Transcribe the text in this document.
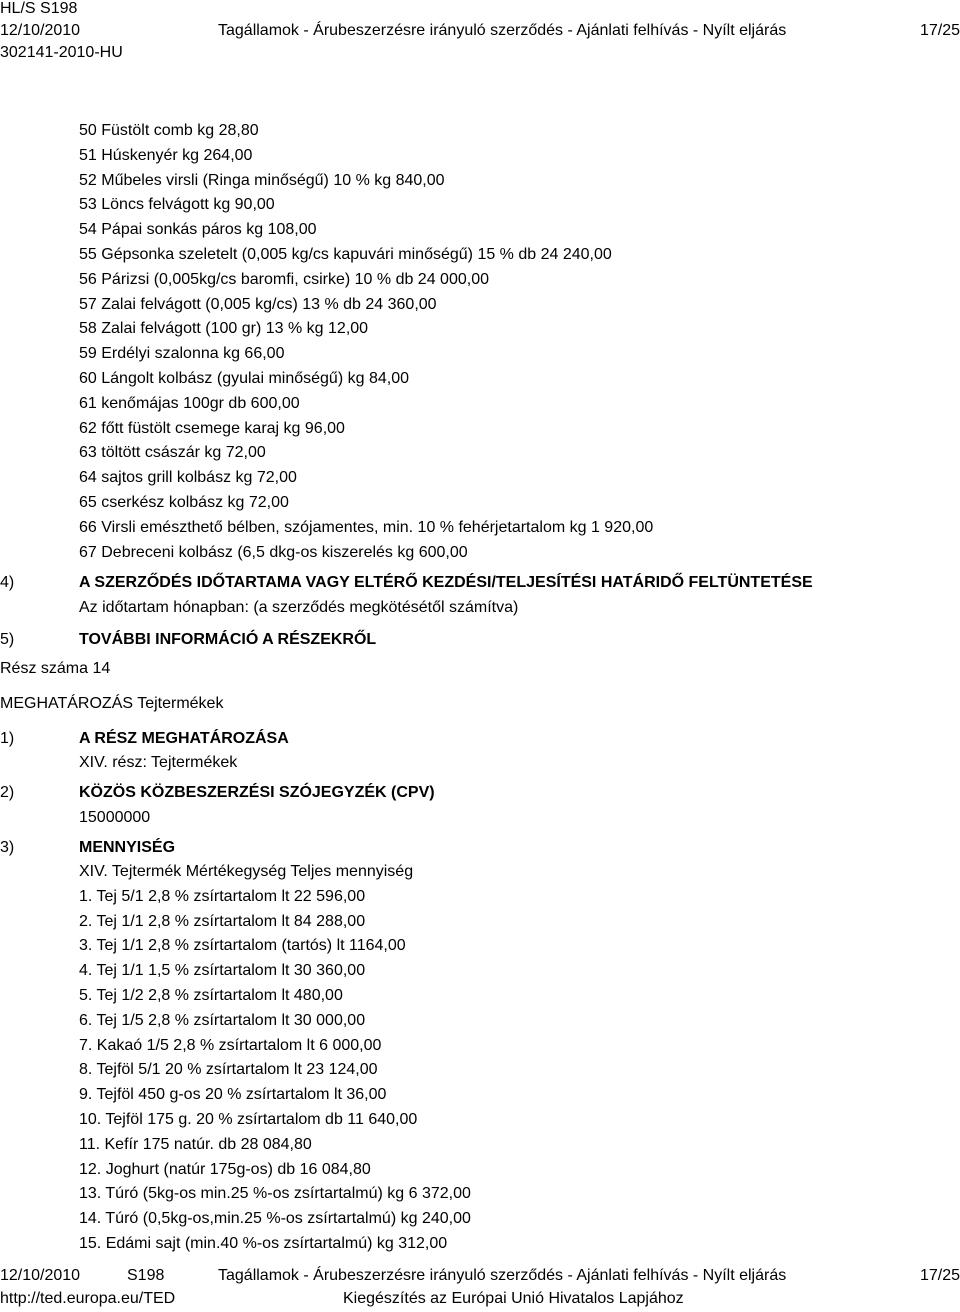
HL/S S198
12/10/2010	Tagállamok - Árubeszerzésre irányuló szerződés - Ajánlati felhívás - Nyílt eljárás	17/25
302141-2010-HU
50 Füstölt comb kg 28,80
51 Húskenyér kg 264,00
52 Műbeles virsli (Ringa minőségű) 10 % kg 840,00
53 Löncs felvágott kg 90,00
54 Pápai sonkás páros kg 108,00
55 Gépsonka szeletelt (0,005 kg/cs kapuvári minőségű) 15 % db 24 240,00
56 Párizsi (0,005kg/cs baromfi, csirke) 10 % db 24 000,00
57 Zalai felvágott (0,005 kg/cs) 13 % db 24 360,00
58 Zalai felvágott (100 gr) 13 % kg 12,00
59 Erdélyi szalonna kg 66,00
60 Lángolt kolbász (gyulai minőségű) kg 84,00
61 kenőmájas 100gr db 600,00
62 főtt füstölt csemege karaj kg 96,00
63 töltött császár kg 72,00
64 sajtos grill kolbász kg 72,00
65 cserkész kolbász kg 72,00
66 Virsli emészthető bélben, szójamentes, min. 10 % fehérjetartalom kg 1 920,00
67 Debreceni kolbász (6,5 dkg-os kiszerelés kg 600,00
4)	A SZERZŐDÉS IDŐTARTAMA VAGY ELTÉRŐ KEZDÉSI/TELJESÍTÉSI HATÁRIDŐ FELTÜNTETÉSE
Az időtartam hónapban: (a szerződés megkötésétől számítva)
5)	TOVÁBBI INFORMÁCIÓ A RÉSZEKRŐL
Rész száma 14
MEGHATÁROZÁS Tejtermékek
1)	A RÉSZ MEGHATÁROZÁSA
XIV. rész: Tejtermékek
2)	KÖZÖS KÖZBESZERZÉSI SZÓJEGYZÉK (CPV)
15000000
3)	MENNYISÉG
XIV. Tejtermék Mértékegység Teljes mennyiség
1. Tej 5/1 2,8 % zsírtartalom lt 22 596,00
2. Tej 1/1 2,8 % zsírtartalom lt 84 288,00
3. Tej 1/1 2,8 % zsírtartalom (tartós) lt 1164,00
4. Tej 1/1 1,5 % zsírtartalom lt 30 360,00
5. Tej 1/2 2,8 % zsírtartalom lt 480,00
6. Tej 1/5 2,8 % zsírtartalom lt 30 000,00
7. Kakaó 1/5 2,8 % zsírtartalom lt 6 000,00
8. Tejföl 5/1 20 % zsírtartalom lt 23 124,00
9. Tejföl 450 g-os 20 % zsírtartalom lt 36,00
10. Tejföl 175 g. 20 % zsírtartalom db 11 640,00
11. Kefír 175 natúr. db 28 084,80
12. Joghurt (natúr 175g-os) db 16 084,80
13. Túró (5kg-os min.25 %-os zsírtartalmú) kg 6 372,00
14. Túró (0,5kg-os,min.25 %-os zsírtartalmú) kg 240,00
15. Edámi sajt (min.40 %-os zsírtartalmú) kg 312,00
12/10/2010	S198	Tagállamok - Árubeszerzésre irányuló szerződés - Ajánlati felhívás - Nyílt eljárás	17/25
http://ted.europa.eu/TED	Kiegészítés az Európai Unió Hivatalos Lapjához
